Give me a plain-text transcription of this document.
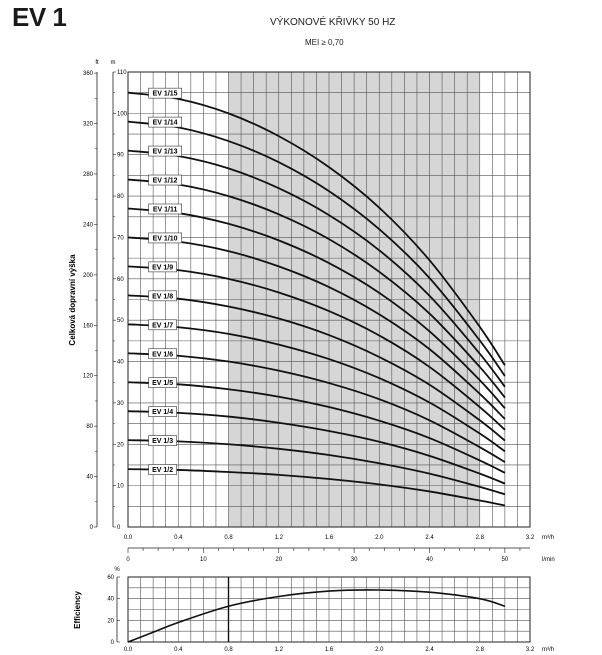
EV 1	VÝKONOVÉ KŘIVKY 50 HZ
MEI ≥ 0,70
m
0
10
20
30
40
50
60
70
80
90
100
110
ft
0
40
80
120
160
200
240
280
320
360
Celková dopravní výška
0.0	0.4	0.8	1.2	1.6	2.0	2.4	2.8	3.2 m³/h
0	10	20	30	40	50	l/min
EV 1/2
EV 1/3
EV 1/4
EV 1/5
EV 1/6
EV 1/7
EV 1/8
EV 1/9
EV 1/10
EV 1/11
EV 1/12
EV 1/13
EV 1/14
EV 1/15
%
0
20
40
60
Efficiency
0.0	0.4	0.8	1.2	1.6	2.0	2.4	2.8	3.2 m³/h
